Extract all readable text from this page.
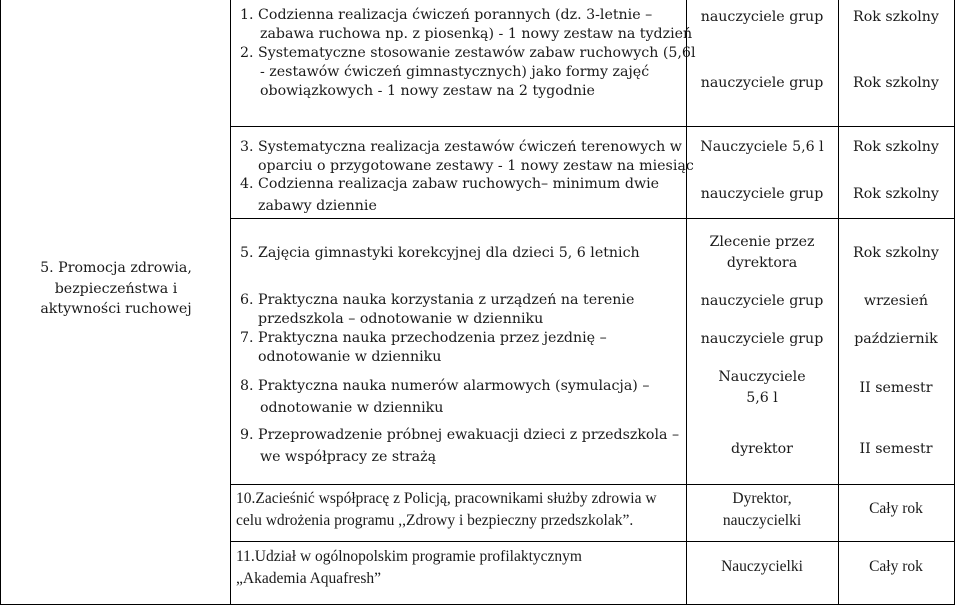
5. Promocja zdrowia,
bezpieczeństwa i
aktywności ruchowej
1. Codzienna realizacja ćwiczeń porannych (dz. 3-letnie –
zabawa ruchowa np. z piosenką) - 1 nowy zestaw na tydzień
2. Systematyczne stosowanie zestawów zabaw ruchowych (5,6l
- zestawów ćwiczeń gimnastycznych) jako formy zajęć
obowiązkowych - 1 nowy zestaw na 2 tygodnie
3. Systematyczna realizacja zestawów ćwiczeń terenowych w
oparciu o przygotowane zestawy - 1 nowy zestaw na miesiąc
4. Codzienna realizacja zabaw ruchowych– minimum dwie
zabawy dziennie
5. Zajęcia gimnastyki korekcyjnej dla dzieci 5, 6 letnich
6. Praktyczna nauka korzystania z urządzeń na terenie
przedszkola – odnotowanie w dzienniku
7. Praktyczna nauka przechodzenia przez jezdnię –
odnotowanie w dzienniku
8. Praktyczna nauka numerów alarmowych (symulacja) –
odnotowanie w dzienniku
9. Przeprowadzenie próbnej ewakuacji dzieci z przedszkola –
we współpracy ze strażą
10.Zacieśnić współpracę z Policją, pracownikami służby zdrowia w
celu wdrożenia programu ,,Zdrowy i bezpieczny przedszkolak”.
11.Udział w ogólnopolskim programie profilaktycznym
„Akademia Aquafresh”
nauczyciele grup
nauczyciele grup
Nauczyciele 5,6 l
nauczyciele grup
Zlecenie przez
dyrektora
nauczyciele grup
nauczyciele grup
Nauczyciele
5,6 l
dyrektor
Dyrektor,
nauczycielki
Nauczycielki
Rok szkolny
Rok szkolny
Rok szkolny
Rok szkolny
Rok szkolny
wrzesień
październik
II semestr
II semestr
Cały rok
Cały rok
